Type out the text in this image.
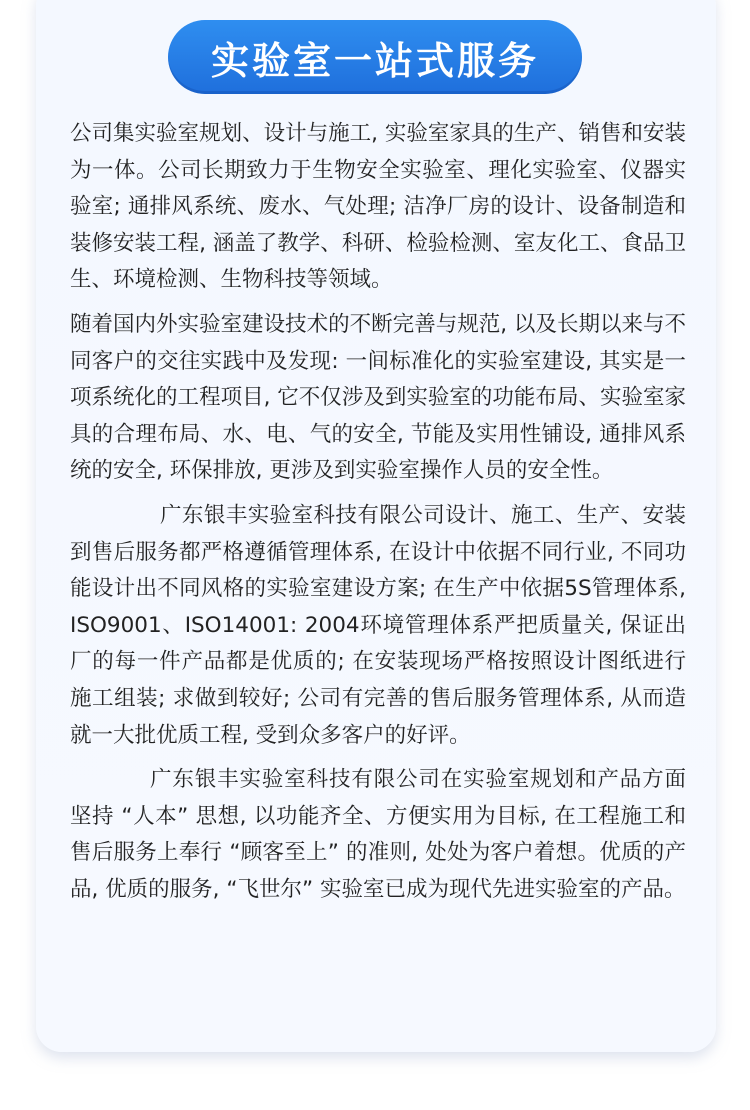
实验室一站式服务

公司集实验室规划、设计与施工, 实验室家具的生产、销售和安装为一体。公司长期致力于生物安全实验室、理化实验室、仪器实验室; 通排风系统、废水、气处理; 洁净厂房的设计、设备制造和装修安装工程, 涵盖了教学、科研、检验检测、室友化工、食品卫生、环境检测、生物科技等领域。

随着国内外实验室建设技术的不断完善与规范, 以及长期以来与不同客户的交往实践中及发现: 一间标准化的实验室建设, 其实是一项系统化的工程项目, 它不仅涉及到实验室的功能布局、实验室家具的合理布局、水、电、气的安全, 节能及实用性铺设, 通排风系统的安全, 环保排放, 更涉及到实验室操作人员的安全性。

广东银丰实验室科技有限公司设计、施工、生产、安装到售后服务都严格遵循管理体系, 在设计中依据不同行业, 不同功能设计出不同风格的实验室建设方案; 在生产中依据5S管理体系, ISO9001、ISO14001: 2004环境管理体系严把质量关, 保证出厂的每一件产品都是优质的; 在安装现场严格按照设计图纸进行施工组装; 求做到较好; 公司有完善的售后服务管理体系, 从而造就一大批优质工程, 受到众多客户的好评。

广东银丰实验室科技有限公司在实验室规划和产品方面坚持 “人本” 思想, 以功能齐全、方便实用为目标, 在工程施工和售后服务上奉行 “顾客至上” 的准则, 处处为客户着想。优质的产品, 优质的服务, “飞世尔” 实验室已成为现代先进实验室的产品。
